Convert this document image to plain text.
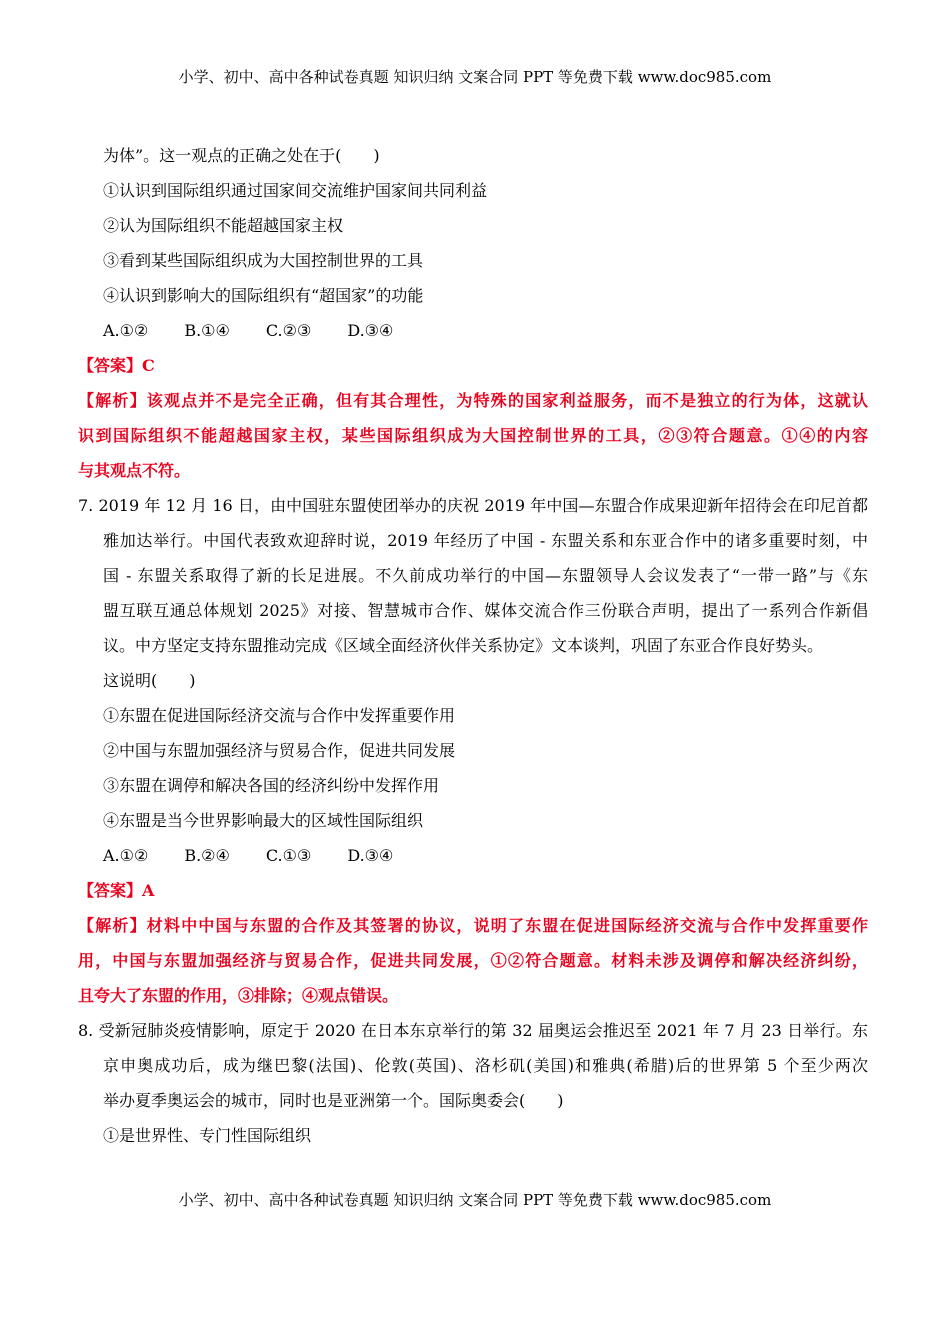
小学、初中、高中各种试卷真题 知识归纳 文案合同 PPT 等免费下载 www.doc985.com
为体”。这一观点的正确之处在于(　　)
①认识到国际组织通过国家间交流维护国家间共同利益
②认为国际组织不能超越国家主权
③看到某些国际组织成为大国控制世界的工具
④认识到影响大的国际组织有“超国家”的功能
A.①② B.①④ C.②③ D.③④
【答案】C
【解析】该观点并不是完全正确，但有其合理性，为特殊的国家利益服务，而不是独立的行为体，这就认
识到国际组织不能超越国家主权，某些国际组织成为大国控制世界的工具，②③符合题意。①④的内容
与其观点不符。
7. 2019 年 12 月 16 日，由中国驻东盟使团举办的庆祝 2019 年中国—东盟合作成果迎新年招待会在印尼首都
雅加达举行。中国代表致欢迎辞时说，2019 年经历了中国 - 东盟关系和东亚合作中的诸多重要时刻，中
国 - 东盟关系取得了新的长足进展。不久前成功举行的中国—东盟领导人会议发表了“一带一路”与《东
盟互联互通总体规划 2025》对接、智慧城市合作、媒体交流合作三份联合声明，提出了一系列合作新倡
议。中方坚定支持东盟推动完成《区域全面经济伙伴关系协定》文本谈判，巩固了东亚合作良好势头。
这说明(　　)
①东盟在促进国际经济交流与合作中发挥重要作用
②中国与东盟加强经济与贸易合作，促进共同发展
③东盟在调停和解决各国的经济纠纷中发挥作用
④东盟是当今世界影响最大的区域性国际组织
A.①② B.②④ C.①③ D.③④
【答案】A
【解析】材料中中国与东盟的合作及其签署的协议，说明了东盟在促进国际经济交流与合作中发挥重要作
用，中国与东盟加强经济与贸易合作，促进共同发展，①②符合题意。材料未涉及调停和解决经济纠纷，
且夸大了东盟的作用，③排除；④观点错误。
8. 受新冠肺炎疫情影响，原定于 2020 在日本东京举行的第 32 届奥运会推迟至 2021 年 7 月 23 日举行。东
京申奥成功后，成为继巴黎(法国)、伦敦(英国)、洛杉矶(美国)和雅典(希腊)后的世界第 5 个至少两次
举办夏季奥运会的城市，同时也是亚洲第一个。国际奥委会(　　)
①是世界性、专门性国际组织
小学、初中、高中各种试卷真题 知识归纳 文案合同 PPT 等免费下载 www.doc985.com
